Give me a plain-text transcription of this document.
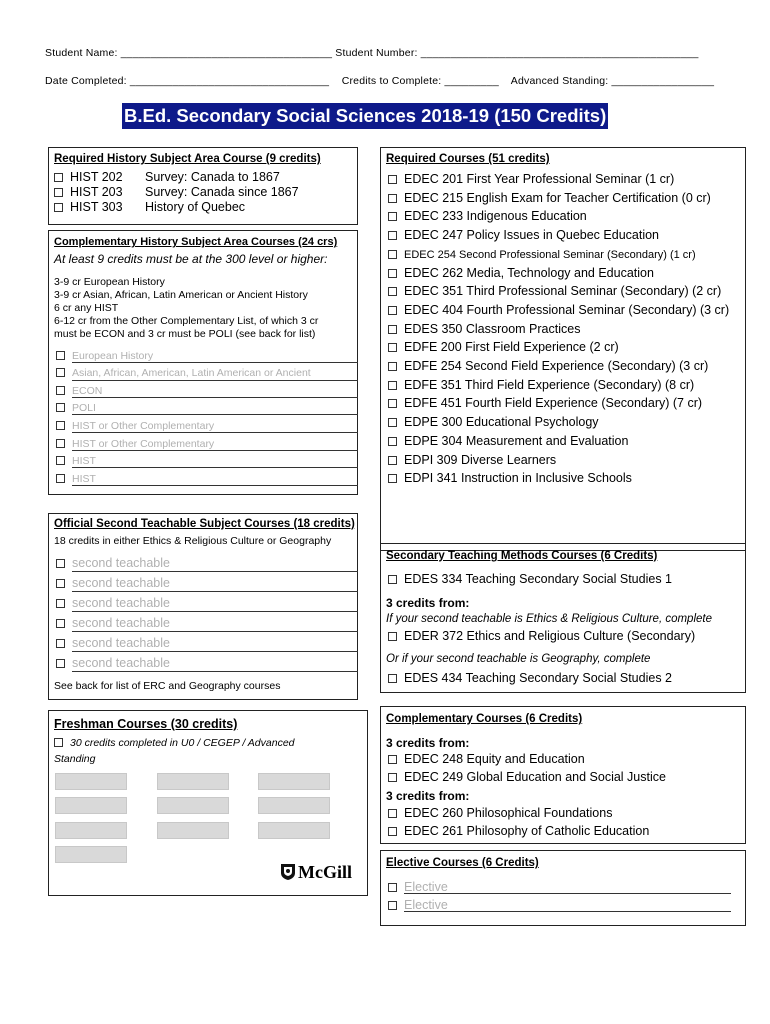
Student Name: ___________________________________ Student Number: ______________________________________________
Date Completed: _________________________________    Credits to Complete: _________    Advanced Standing: _________________
B.Ed. Secondary Social Sciences 2018-19 (150 Credits)
Required History Subject Area Course (9 credits)
HIST 202 Survey: Canada to 1867
HIST 203 Survey: Canada since 1867
HIST 303 History of Quebec
Complementary History Subject Area Courses (24 crs)
At least 9 credits must be at the 300 level or higher:
3-9 cr European History
3-9 cr Asian, African, Latin American or Ancient History
6 cr any HIST
6-12 cr from the Other Complementary List, of which 3 cr
must be ECON and 3 cr must be POLI (see back for list)
European History
Asian, African, American, Latin American or Ancient
ECON
POLI
HIST or Other Complementary
HIST or Other Complementary
HIST
HIST
Official Second Teachable Subject Courses (18 credits)
18 credits in either Ethics & Religious Culture or Geography
second teachable
second teachable
second teachable
second teachable
second teachable
second teachable
See back for list of ERC and Geography courses
Freshman Courses (30 credits)
30 credits completed in U0 / CEGEP / Advanced
Standing
McGill
Required Courses (51 credits)
EDEC 201 First Year Professional Seminar (1 cr)
EDEC 215 English Exam for Teacher Certification (0 cr)
EDEC 233 Indigenous Education
EDEC 247 Policy Issues in Quebec Education
EDEC 254 Second Professional Seminar (Secondary) (1 cr)
EDEC 262 Media, Technology and Education
EDEC 351 Third Professional Seminar (Secondary) (2 cr)
EDEC 404 Fourth Professional Seminar (Secondary) (3 cr)
EDES 350 Classroom Practices
EDFE 200 First Field Experience (2 cr)
EDFE 254 Second Field Experience (Secondary) (3 cr)
EDFE 351 Third Field Experience (Secondary) (8 cr)
EDFE 451 Fourth Field Experience (Secondary) (7 cr)
EDPE 300 Educational Psychology
EDPE 304 Measurement and Evaluation
EDPI 309 Diverse Learners
EDPI 341 Instruction in Inclusive Schools
Secondary Teaching Methods Courses (6 Credits)
EDES 334 Teaching Secondary Social Studies 1
3 credits from:
If your second teachable is Ethics & Religious Culture, complete
EDER 372 Ethics and Religious Culture (Secondary)
Or if your second teachable is Geography, complete
EDES 434 Teaching Secondary Social Studies 2
Complementary Courses (6 Credits)
3 credits from:
EDEC 248 Equity and Education
EDEC 249 Global Education and Social Justice
3 credits from:
EDEC 260 Philosophical Foundations
EDEC 261 Philosophy of Catholic Education
Elective Courses (6 Credits)
Elective
Elective
